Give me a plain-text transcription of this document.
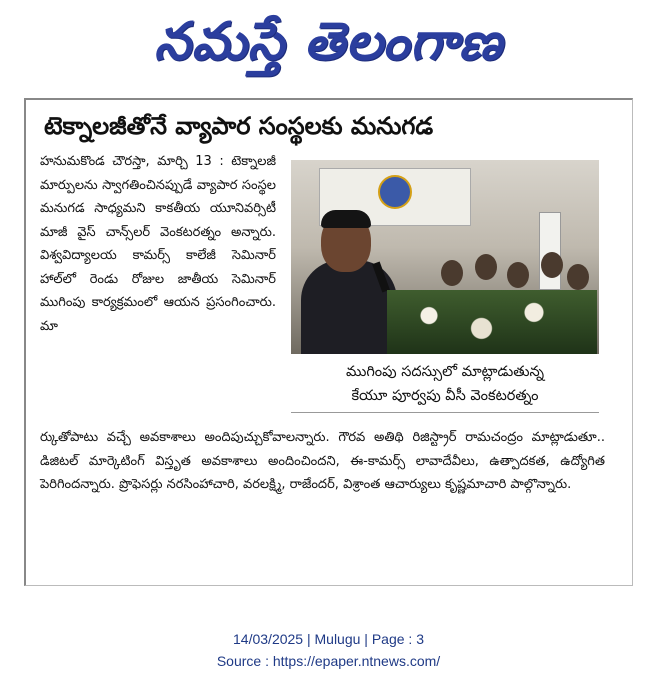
నమస్తే తెలంగాణ
టెక్నాలజీతోనే వ్యాపార సంస్థలకు మనుగడ

హనుమకొండ చౌరస్తా, మార్చి 13 : టెక్నాలజీ మార్పులను స్వాగతించినప్పుడే వ్యాపార సంస్థల మనుగడ సాధ్యమని కాకతీయ యూనివర్సిటీ మాజీ వైస్ చాన్స్‌లర్ వెంకటరత్నం అన్నారు. విశ్వవిద్యాలయ కామర్స్ కాలేజీ సెమినార్ హాల్‌లో రెండు రోజుల జాతీయ సెమినార్ ముగింపు కార్యక్రమంలో ఆయన ప్రసంగించారు. మా

ముగింపు సదస్సులో మాట్లాడుతున్న
కేయూ పూర్వపు వీసీ వెంకటరత్నం

ర్కుతోపాటు వచ్చే అవకాశాలు అందిపుచ్చుకోవాలన్నారు. గౌరవ అతిథి రిజిస్ట్రార్ రామచంద్రం మాట్లాడుతూ.. డిజిటల్ మార్కెటింగ్ విస్తృత అవకాశాలు అందించిందని, ఈ-కామర్స్ లావాదేవీలు, ఉత్పాదకత, ఉద్యోగిత పెరిగిందన్నారు. ప్రొఫెసర్లు నరసింహాచారి, వరలక్ష్మి, రాజేందర్, విశ్రాంత ఆచార్యులు కృష్ణమాచారి పాల్గొన్నారు.

14/03/2025 | Mulugu | Page : 3
Source : https://epaper.ntnews.com/
